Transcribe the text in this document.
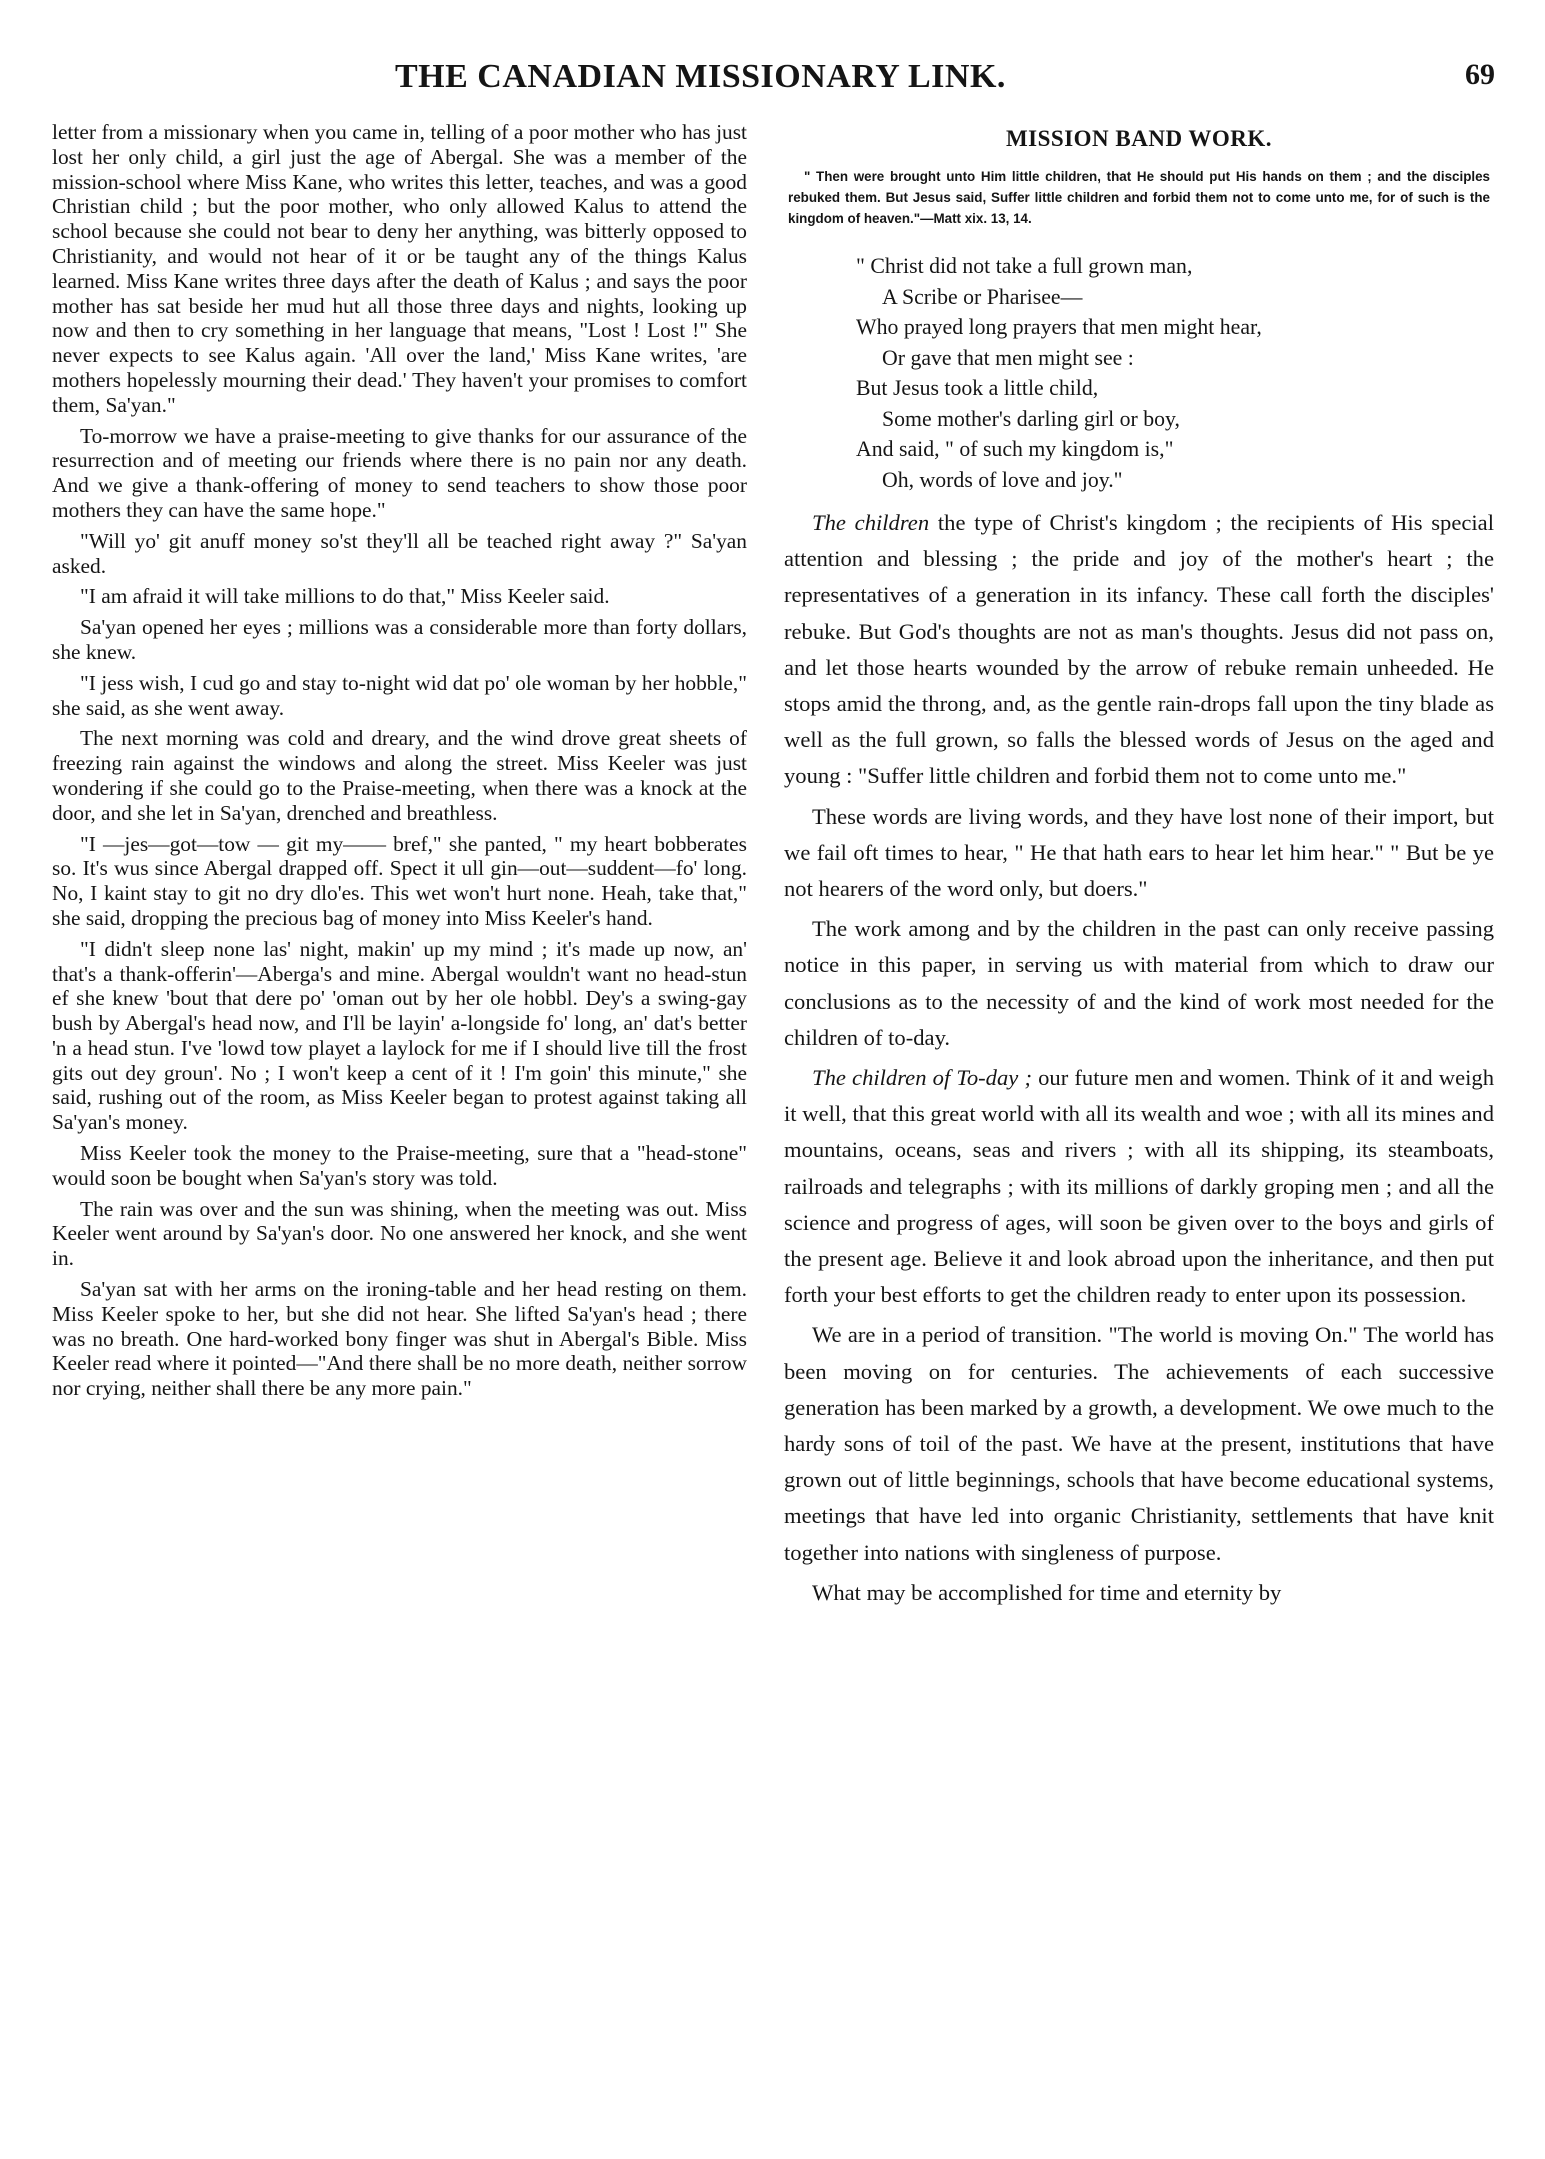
THE CANADIAN MISSIONARY LINK.	69

letter from a missionary when you came in, telling of a poor mother who has just lost her only child, a girl just the age of Abergal. She was a member of the mission-school where Miss Kane, who writes this letter, teaches, and was a good Christian child ; but the poor mother, who only allowed Kalus to attend the school because she could not bear to deny her anything, was bitterly opposed to Christianity, and would not hear of it or be taught any of the things Kalus learned. Miss Kane writes three days after the death of Kalus ; and says the poor mother has sat beside her mud hut all those three days and nights, looking up now and then to cry something in her language that means, "Lost ! Lost !" She never expects to see Kalus again. 'All over the land,' Miss Kane writes, 'are mothers hopelessly mourning their dead.' They haven't your promises to comfort them, Sa'yan."

To-morrow we have a praise-meeting to give thanks for our assurance of the resurrection and of meeting our friends where there is no pain nor any death. And we give a thank-offering of money to send teachers to show those poor mothers they can have the same hope."

"Will yo' git anuff money so'st they'll all be teached right away ?" Sa'yan asked.

"I am afraid it will take millions to do that," Miss Keeler said.

Sa'yan opened her eyes ; millions was a considerable more than forty dollars, she knew.

"I jess wish, I cud go and stay to-night wid dat po' ole woman by her hobble," she said, as she went away.

The next morning was cold and dreary, and the wind drove great sheets of freezing rain against the windows and along the street. Miss Keeler was just wondering if she could go to the Praise-meeting, when there was a knock at the door, and she let in Sa'yan, drenched and breathless.

"I —jes—got—tow — git my—— bref," she panted, " my heart bobberates so. It's wus since Abergal drapped off. Spect it ull gin—out—suddent—fo' long. No, I kaint stay to git no dry dlo'es. This wet won't hurt none. Heah, take that," she said, dropping the precious bag of money into Miss Keeler's hand.

"I didn't sleep none las' night, makin' up my mind ; it's made up now, an' that's a thank-offerin'—Aberga's and mine. Abergal wouldn't want no head-stun ef she knew 'bout that dere po' 'oman out by her ole hobbl. Dey's a swing-gay bush by Abergal's head now, and I'll be layin' a-longside fo' long, an' dat's better 'n a head stun. I've 'lowd tow playet a laylock for me if I should live till the frost gits out dey groun'. No ; I won't keep a cent of it ! I'm goin' this minute," she said, rushing out of the room, as Miss Keeler began to protest against taking all Sa'yan's money.

Miss Keeler took the money to the Praise-meeting, sure that a "head-stone" would soon be bought when Sa'yan's story was told.

The rain was over and the sun was shining, when the meeting was out. Miss Keeler went around by Sa'yan's door. No one answered her knock, and she went in.

Sa'yan sat with her arms on the ironing-table and her head resting on them. Miss Keeler spoke to her, but she did not hear. She lifted Sa'yan's head ; there was no breath. One hard-worked bony finger was shut in Abergal's Bible. Miss Keeler read where it pointed—"And there shall be no more death, neither sorrow nor crying, neither shall there be any more pain."

MISSION BAND WORK.
" Then were brought unto Him little children, that He should put His hands on them ; and the disciples rebuked them. But Jesus said, Suffer little children and forbid them not to come unto me, for of such is the kingdom of heaven."—Matt xix. 13, 14.
" Christ did not take a full grown man,
A Scribe or Pharisee—
Who prayed long prayers that men might hear,
Or gave that men might see :
But Jesus took a little child,
Some mother's darling girl or boy,
And said, " of such my kingdom is,"
Oh, words of love and joy."

The children the type of Christ's kingdom ; the recipients of His special attention and blessing ; the pride and joy of the mother's heart ; the representatives of a generation in its infancy. These call forth the disciples' rebuke. But God's thoughts are not as man's thoughts. Jesus did not pass on, and let those hearts wounded by the arrow of rebuke remain unheeded. He stops amid the throng, and, as the gentle rain-drops fall upon the tiny blade as well as the full grown, so falls the blessed words of Jesus on the aged and young : "Suffer little children and forbid them not to come unto me."

These words are living words, and they have lost none of their import, but we fail oft times to hear, " He that hath ears to hear let him hear." " But be ye not hearers of the word only, but doers."

The work among and by the children in the past can only receive passing notice in this paper, in serving us with material from which to draw our conclusions as to the necessity of and the kind of work most needed for the children of to-day.

The children of To-day ; our future men and women. Think of it and weigh it well, that this great world with all its wealth and woe ; with all its mines and mountains, oceans, seas and rivers ; with all its shipping, its steamboats, railroads and telegraphs ; with its millions of darkly groping men ; and all the science and progress of ages, will soon be given over to the boys and girls of the present age. Believe it and look abroad upon the inheritance, and then put forth your best efforts to get the children ready to enter upon its possession.

We are in a period of transition. "The world is moving On." The world has been moving on for centuries. The achievements of each successive generation has been marked by a growth, a development. We owe much to the hardy sons of toil of the past. We have at the present, institutions that have grown out of little beginnings, schools that have become educational systems, meetings that have led into organic Christianity, settlements that have knit together into nations with singleness of purpose.

What may be accomplished for time and eternity by
